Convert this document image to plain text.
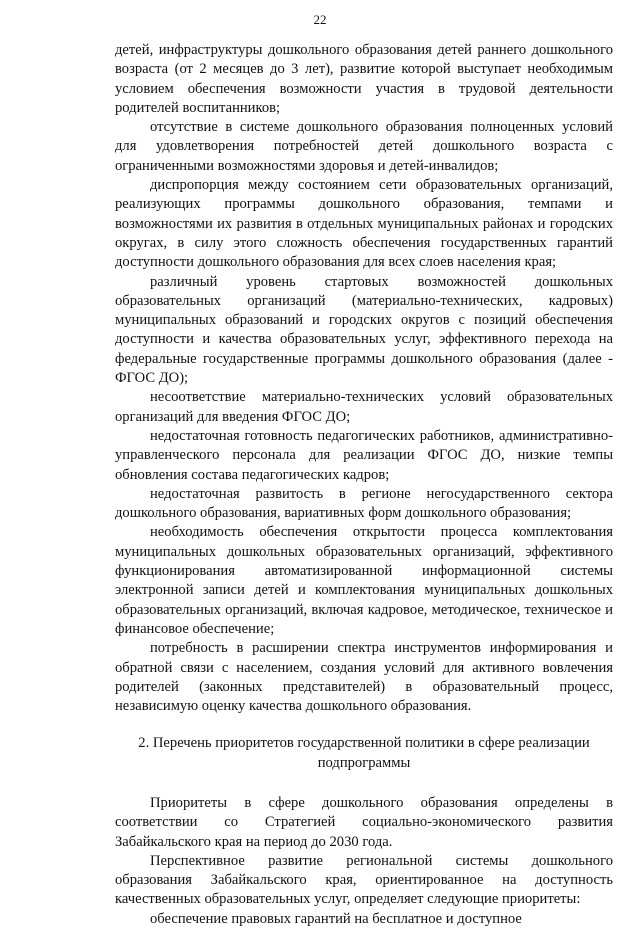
22

детей, инфраструктуры дошкольного образования детей раннего дошкольного возраста (от 2 месяцев до 3 лет), развитие которой выступает необходимым условием обеспечения возможности участия в трудовой деятельности родителей воспитанников;

отсутствие в системе дошкольного образования полноценных условий для удовлетворения потребностей детей дошкольного возраста с ограниченными возможностями здоровья и детей-инвалидов;

диспропорция между состоянием сети образовательных организаций, реализующих программы дошкольного образования, темпами и возможностями их развития в отдельных муниципальных районах и городских округах, в силу этого сложность обеспечения государственных гарантий доступности дошкольного образования для всех слоев населения края;

различный уровень стартовых возможностей дошкольных образовательных организаций (материально-технических, кадровых) муниципальных образований и городских округов с позиций обеспечения доступности и качества образовательных услуг, эффективного перехода на федеральные государственные программы дошкольного образования (далее - ФГОС ДО);

несоответствие материально-технических условий образовательных организаций для введения ФГОС ДО;

недостаточная готовность педагогических работников, административно-управленческого персонала для реализации ФГОС ДО, низкие темпы обновления состава педагогических кадров;

недостаточная развитость в регионе негосударственного сектора дошкольного образования, вариативных форм дошкольного образования;

необходимость обеспечения открытости процесса комплектования муниципальных дошкольных образовательных организаций, эффективного функционирования автоматизированной информационной системы электронной записи детей и комплектования муниципальных дошкольных образовательных организаций, включая кадровое, методическое, техническое и финансовое обеспечение;

потребность в расширении спектра инструментов информирования и обратной связи с населением, создания условий для активного вовлечения родителей (законных представителей) в образовательный процесс, независимую оценку качества дошкольного образования.

2. Перечень приоритетов государственной политики в сфере реализации
подпрограммы

Приоритеты в сфере дошкольного образования определены в соответствии со Стратегией социально-экономического развития Забайкальского края на период до 2030 года.

Перспективное развитие региональной системы дошкольного образования Забайкальского края, ориентированное на доступность качественных образовательных услуг, определяет следующие приоритеты:

обеспечение правовых гарантий на бесплатное и доступное
